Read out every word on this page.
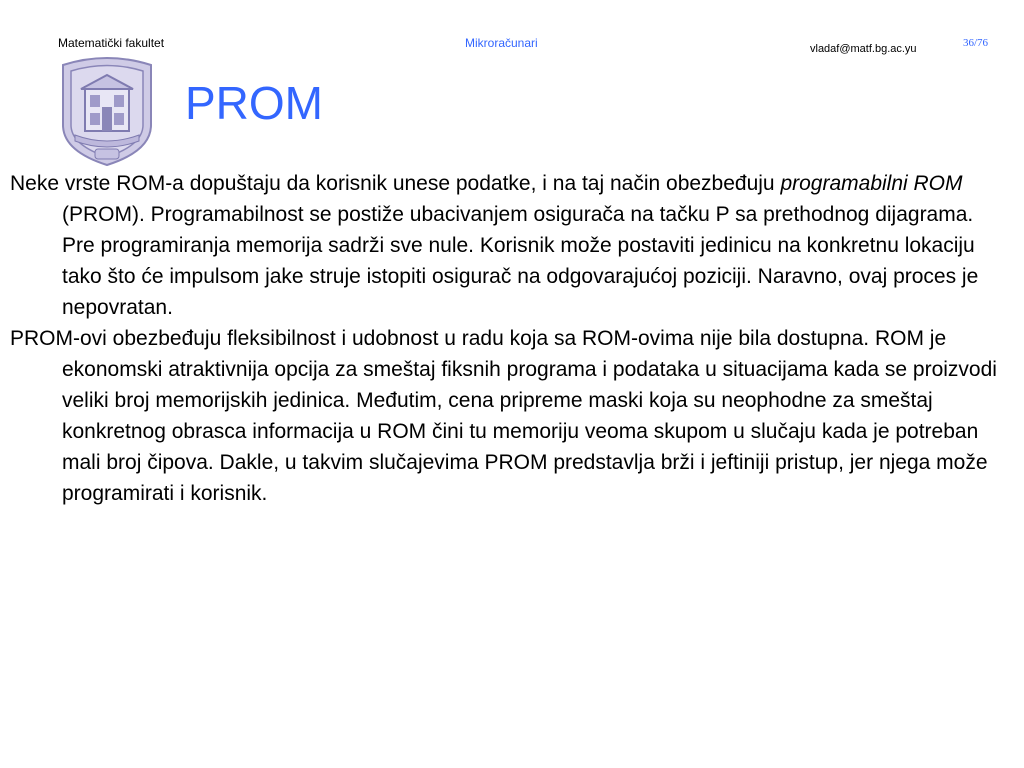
Matematički fakultet	Mikroračunari	vladaf@matf.bg.ac.yu	36/76
PROM

Neke vrste ROM-a dopuštaju da korisnik unese podatke, i na taj način obezbeđuju programabilni ROM (PROM). Programabilnost se postiže ubacivanjem osigurača na tačku P sa prethodnog dijagrama. Pre programiranja memorija sadrži sve nule. Korisnik može postaviti jedinicu na konkretnu lokaciju tako što će impulsom jake struje istopiti osigurač na odgovarajućoj poziciji. Naravno, ovaj proces je nepovratan.

PROM-ovi obezbeđuju fleksibilnost i udobnost u radu koja sa ROM-ovima nije bila dostupna. ROM je ekonomski atraktivnija opcija za smeštaj fiksnih programa i podataka u situacijama kada se proizvodi veliki broj memorijskih jedinica. Međutim, cena pripreme maski koja su neophodne za smeštaj konkretnog obrasca informacija u ROM čini tu memoriju veoma skupom u slučaju kada je potreban mali broj čipova. Dakle, u takvim slučajevima PROM predstavlja brži i jeftiniji pristup, jer njega može programirati i korisnik.
